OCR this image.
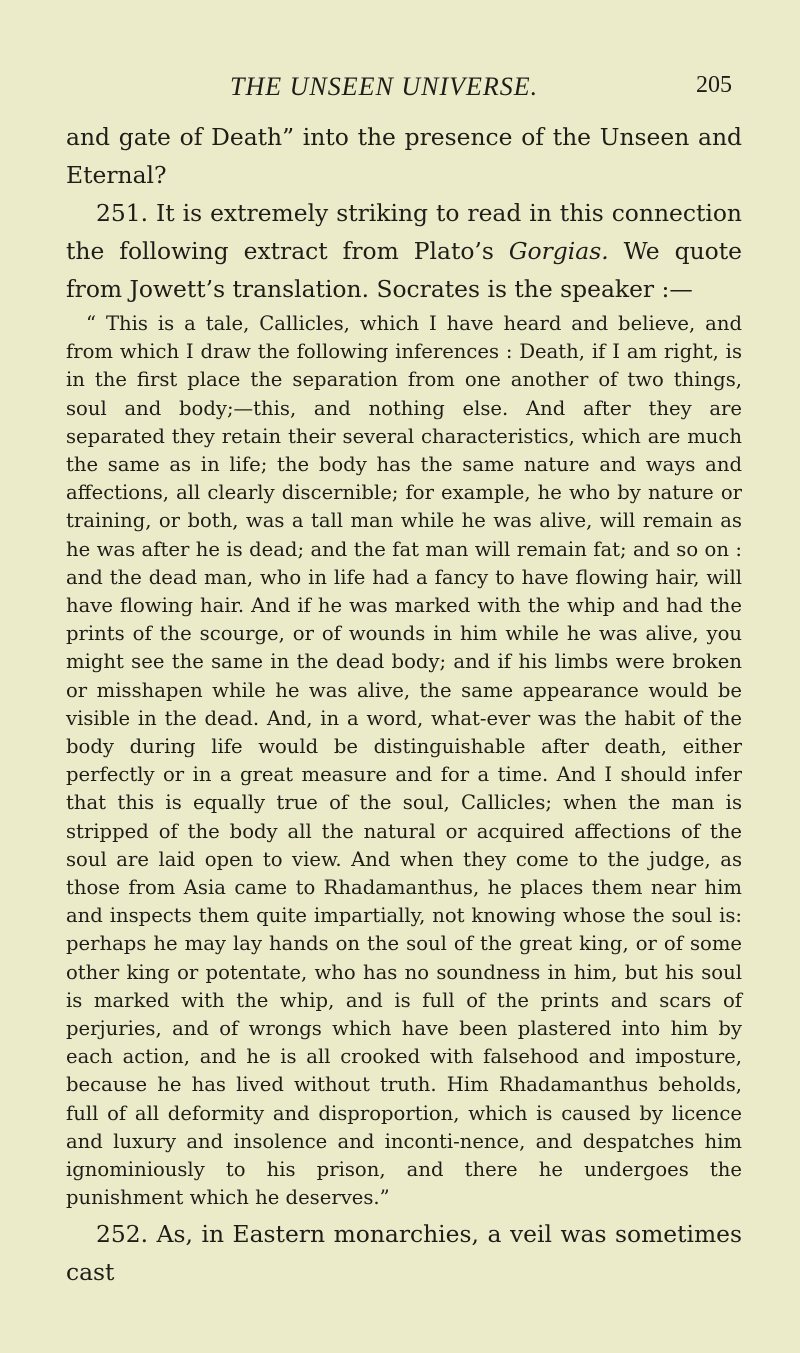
THE UNSEEN UNIVERSE.	205

and gate of Death” into the presence of the Unseen and Eternal?

251. It is extremely striking to read in this connection the following extract from Plato’s Gorgias. We quote from Jowett’s translation. Socrates is the speaker :—

“ This is a tale, Callicles, which I have heard and believe, and from which I draw the following inferences : Death, if I am right, is in the first place the separation from one another of two things, soul and body;—this, and nothing else. And after they are separated they retain their several characteristics, which are much the same as in life; the body has the same nature and ways and affections, all clearly discernible; for example, he who by nature or training, or both, was a tall man while he was alive, will remain as he was after he is dead; and the fat man will remain fat; and so on : and the dead man, who in life had a fancy to have flowing hair, will have flowing hair. And if he was marked with the whip and had the prints of the scourge, or of wounds in him while he was alive, you might see the same in the dead body; and if his limbs were broken or misshapen while he was alive, the same appearance would be visible in the dead. And, in a word, what-ever was the habit of the body during life would be distinguishable after death, either perfectly or in a great measure and for a time. And I should infer that this is equally true of the soul, Callicles; when the man is stripped of the body all the natural or acquired affections of the soul are laid open to view. And when they come to the judge, as those from Asia came to Rhadamanthus, he places them near him and inspects them quite impartially, not knowing whose the soul is: perhaps he may lay hands on the soul of the great king, or of some other king or potentate, who has no soundness in him, but his soul is marked with the whip, and is full of the prints and scars of perjuries, and of wrongs which have been plastered into him by each action, and he is all crooked with falsehood and imposture, because he has lived without truth. Him Rhadamanthus beholds, full of all deformity and disproportion, which is caused by licence and luxury and insolence and inconti-nence, and despatches him ignominiously to his prison, and there he undergoes the punishment which he deserves.”

252. As, in Eastern monarchies, a veil was sometimes cast
